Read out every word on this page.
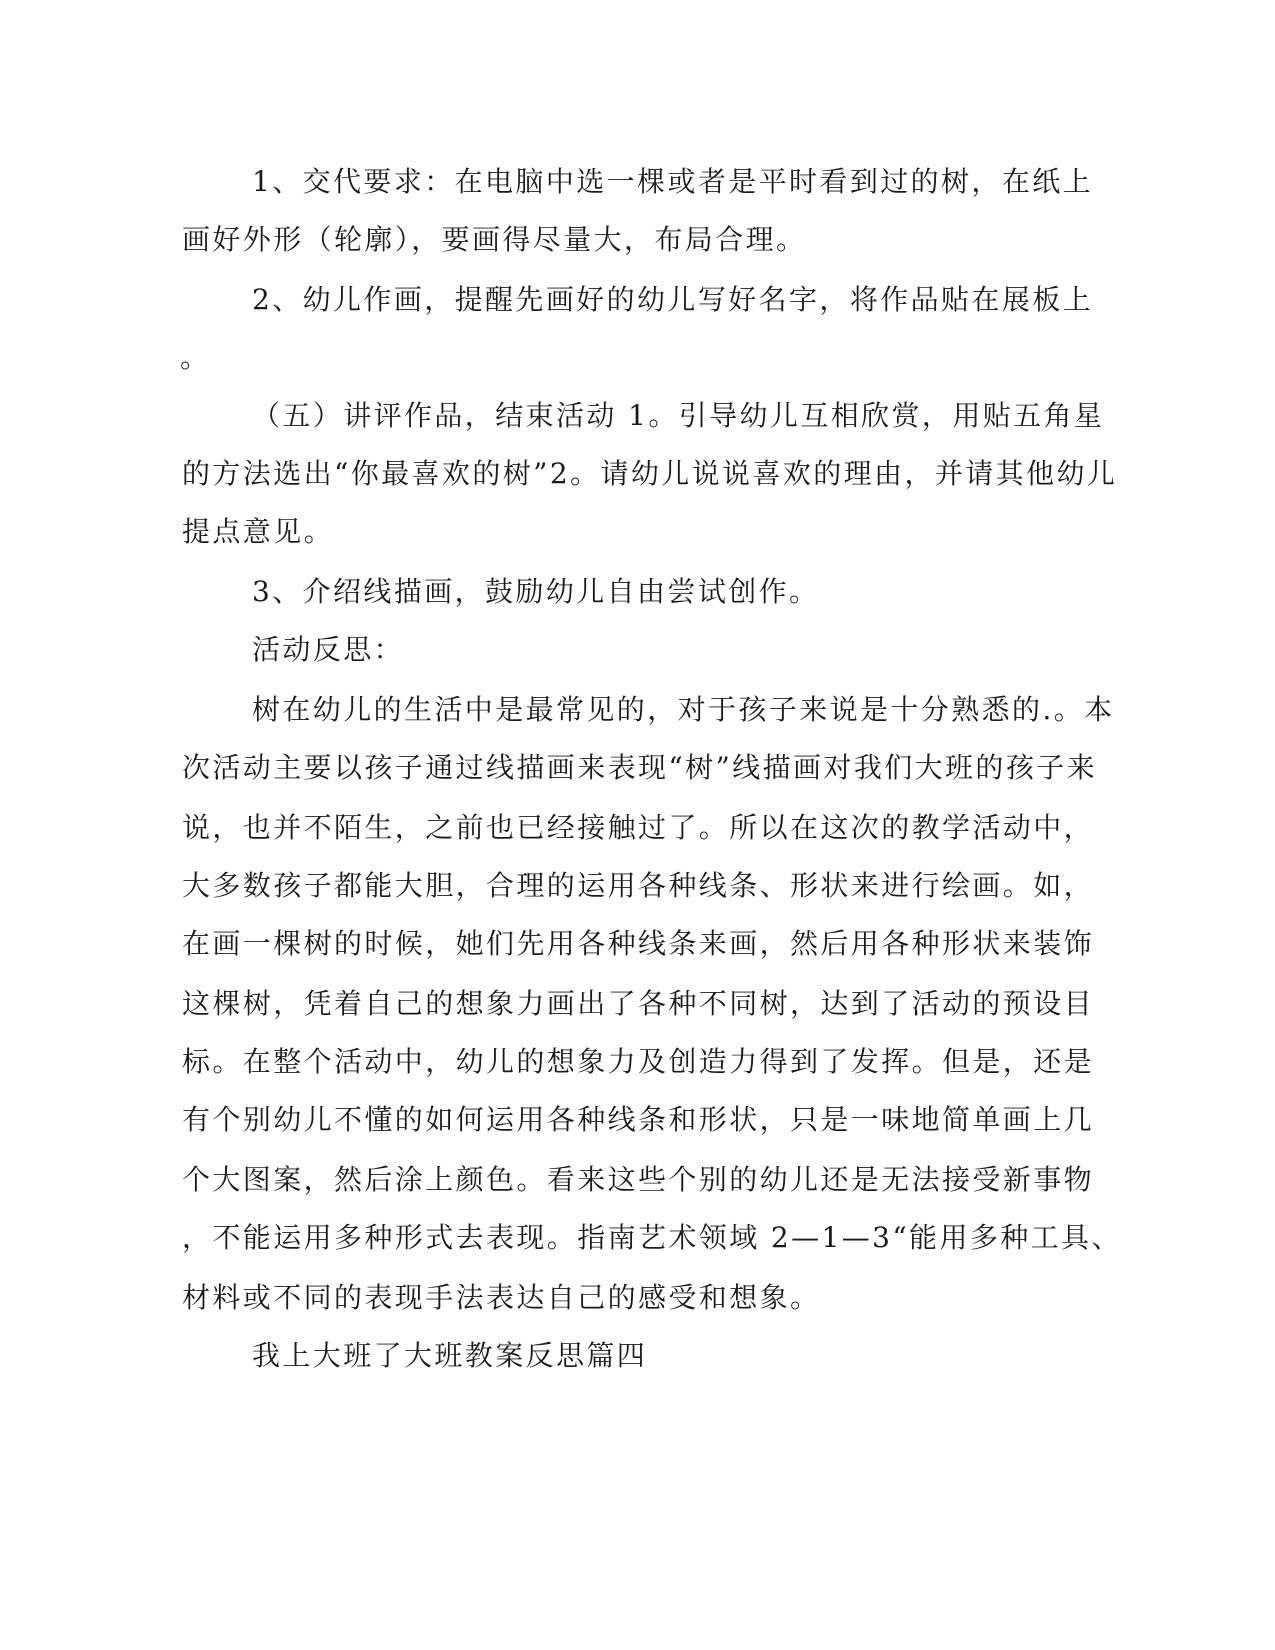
1、交代要求：在电脑中选一棵或者是平时看到过的树，在纸上

画好外形（轮廓），要画得尽量大，布局合理。

2、幼儿作画，提醒先画好的幼儿写好名字，将作品贴在展板上

。

（五）讲评作品，结束活动 1。引导幼儿互相欣赏，用贴五角星

的方法选出“你最喜欢的树”2。请幼儿说说喜欢的理由，并请其他幼儿

提点意见。

3、介绍线描画，鼓励幼儿自由尝试创作。

活动反思：

树在幼儿的生活中是最常见的，对于孩子来说是十分熟悉的.。本

次活动主要以孩子通过线描画来表现“树”线描画对我们大班的孩子来

说，也并不陌生，之前也已经接触过了。所以在这次的教学活动中，

大多数孩子都能大胆，合理的运用各种线条、形状来进行绘画。如，

在画一棵树的时候，她们先用各种线条来画，然后用各种形状来装饰

这棵树，凭着自己的想象力画出了各种不同树，达到了活动的预设目

标。在整个活动中，幼儿的想象力及创造力得到了发挥。但是，还是

有个别幼儿不懂的如何运用各种线条和形状，只是一味地简单画上几

个大图案，然后涂上颜色。看来这些个别的幼儿还是无法接受新事物

，不能运用多种形式去表现。指南艺术领域 2—1—3“能用多种工具、

材料或不同的表现手法表达自己的感受和想象。

我上大班了大班教案反思篇四
